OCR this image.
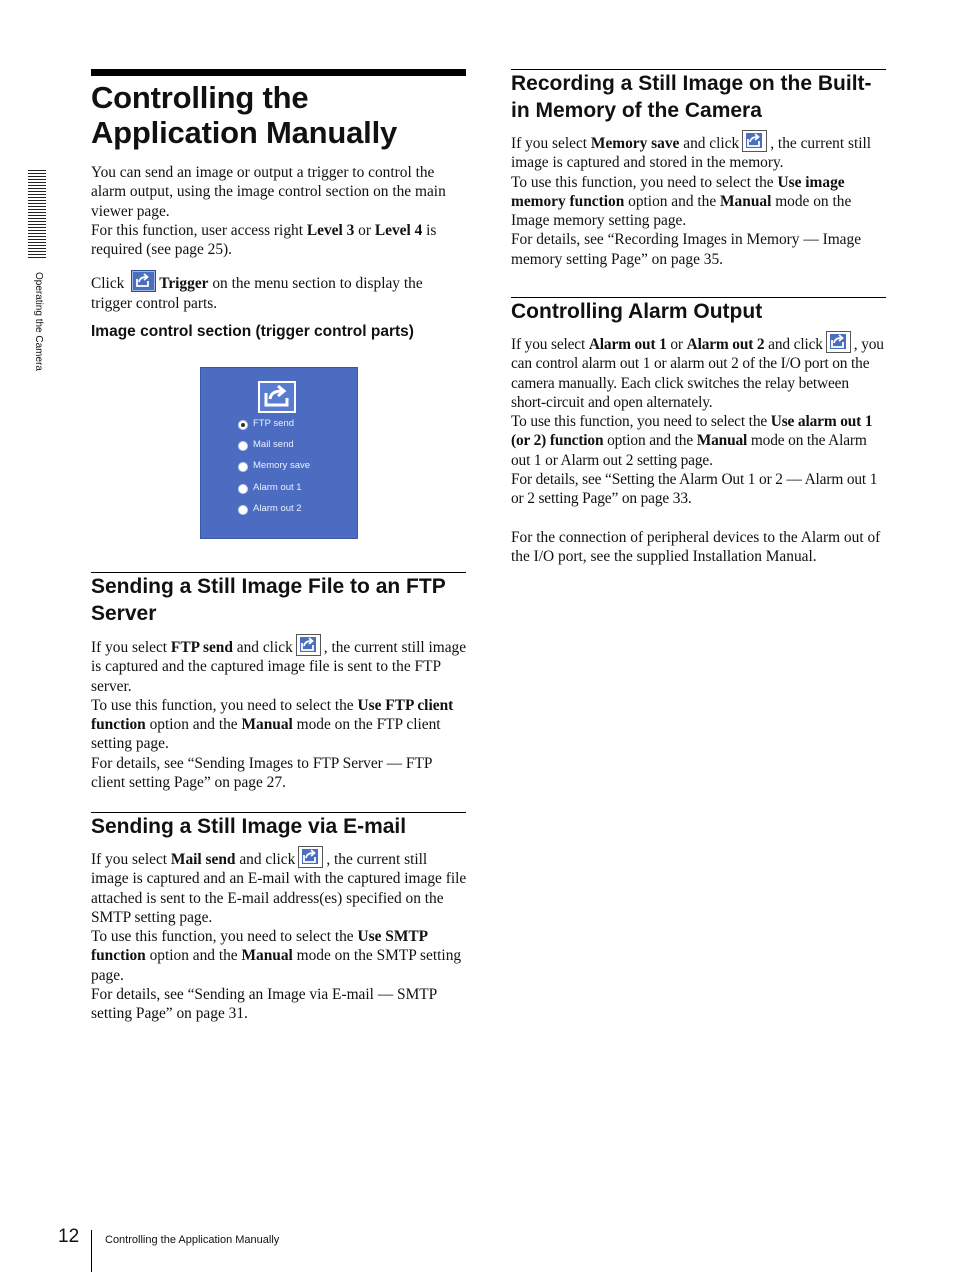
Operating the Camera
Controlling the Application Manually

You can send an image or output a trigger to control the alarm output, using the image control section on the main viewer page.
For this function, user access right Level 3 or Level 4 is required (see page 25).

Click
Trigger on the menu section to display the trigger control parts.

Image control section (trigger control parts)
FTP send
Mail send
Memory save
Alarm out 1
Alarm out 2
Sending a Still Image File to an FTP Server

If you select FTP send and click , the current still image is captured and the captured image file is sent to the FTP server.
To use this function, you need to select the Use FTP client function option and the Manual mode on the FTP client setting page.
For details, see “Sending Images to FTP Server — FTP client setting Page” on page 27.

Sending a Still Image via E-mail

If you select Mail send and click , the current still image is captured and an E-mail with the captured image file attached is sent to the E-mail address(es) specified on the SMTP setting page.
To use this function, you need to select the Use SMTP function option and the Manual mode on the SMTP setting page.
For details, see “Sending an Image via E-mail — SMTP setting Page” on page 31.

Recording a Still Image on the Built-in Memory of the Camera

If you select Memory save and click , the current still image is captured and stored in the memory.
To use this function, you need to select the Use image memory function option and the Manual mode on the Image memory setting page.
For details, see “Recording Images in Memory — Image memory setting Page” on page 35.

Controlling Alarm Output

If you select Alarm out 1 or Alarm out 2 and click , you can control alarm out 1 or alarm out 2 of the I/O port on the camera manually. Each click switches the relay between short-circuit and open alternately.
To use this function, you need to select the Use alarm out 1 (or 2) function option and the Manual mode on the Alarm out 1 or Alarm out 2 setting page.
For details, see “Setting the Alarm Out 1 or 2 — Alarm out 1 or 2 setting Page” on page 33.

For the connection of peripheral devices to the Alarm out of the I/O port, see the supplied Installation Manual.

12 Controlling the Application Manually
